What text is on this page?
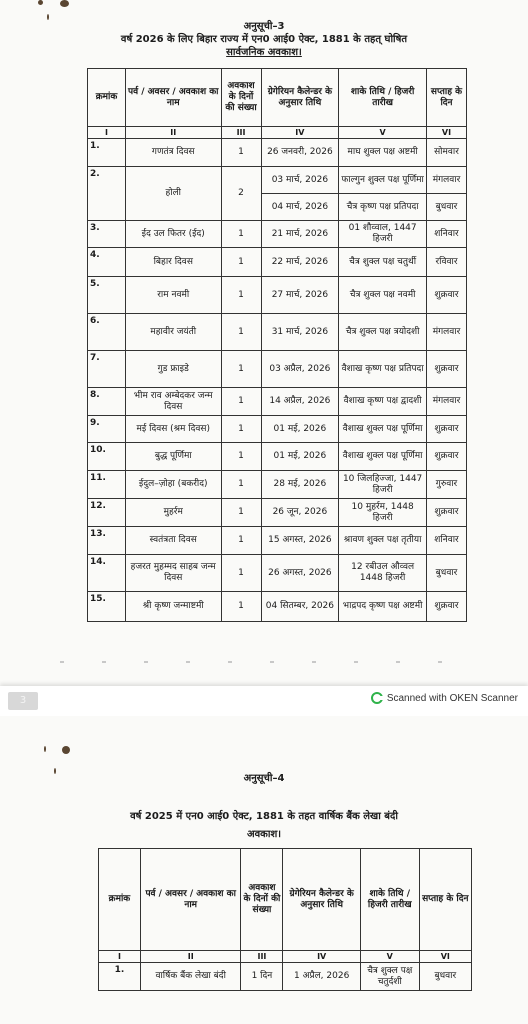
अनुसूची–3
वर्ष 2026 के लिए बिहार राज्य में एन0 आई0 ऐक्ट, 1881 के तहत् घोषित
सार्वजनिक अवकाश।
क्रमांक	पर्व / अवसर / अवकाश का नाम	अवकाश के दिनों की संख्या	ग्रेगेरियन कैलेन्डर के अनुसार तिथि	शाके तिथि / हिजरी तारीख	सप्ताह के दिन
I	II	III	IV	V	VI
1.	गणतंत्र दिवस	1	26 जनवरी, 2026	माघ शुक्ल पक्ष अष्टमी	सोमवार
2.	होली	2	03 मार्च, 2026	फाल्गुन शुक्ल पक्ष पूर्णिमा	मंगलवार
			04 मार्च, 2026	चैत्र कृष्ण पक्ष प्रतिपदा	बुधवार
3.	ईद उल फितर (ईद)	1	21 मार्च, 2026	01 शौव्वाल, 1447 हिजरी	शनिवार
4.	बिहार दिवस	1	22 मार्च, 2026	चैत्र शुक्ल पक्ष चतुर्थी	रविवार
5.	राम नवमी	1	27 मार्च, 2026	चैत्र शुक्ल पक्ष नवमी	शुक्रवार
6.	महावीर जयंती	1	31 मार्च, 2026	चैत्र शुक्ल पक्ष त्रयोदशी	मंगलवार
7.	गुड फ्राइडे	1	03 अप्रैल, 2026	वैशाख कृष्ण पक्ष प्रतिपदा	शुक्रवार
8.	भीम राव अम्बेदकर जन्म दिवस	1	14 अप्रैल, 2026	वैशाख कृष्ण पक्ष द्वादशी	मंगलवार
9.	मई दिवस (श्रम दिवस)	1	01 मई, 2026	वैशाख शुक्ल पक्ष पूर्णिमा	शुक्रवार
10.	बुद्ध पूर्णिमा	1	01 मई, 2026	वैशाख शुक्ल पक्ष पूर्णिमा	शुक्रवार
11.	ईदुल–ज़ोहा (बकरीद)	1	28 मई, 2026	10 जिलहिज्जा, 1447 हिजरी	गुरुवार
12.	मुहर्रम	1	26 जून, 2026	10 मुहर्रम, 1448 हिजरी	शुक्रवार
13.	स्वतंत्रता दिवस	1	15 अगस्त, 2026	श्रावण शुक्ल पक्ष तृतीया	शनिवार
14.	हजरत मुहम्मद साहब जन्म दिवस	1	26 अगस्त, 2026	12 रबीउल औव्वल 1448 हिजरी	बुधवार
15.	श्री कृष्ण जन्माष्टमी	1	04 सितम्बर, 2026	भाद्रपद कृष्ण पक्ष अष्टमी	शुक्रवार
3	Scanned with OKEN Scanner
अनुसूची–4
वर्ष 2025 में एन0 आई0 ऐक्ट, 1881 के तहत वार्षिक बैंक लेखा बंदी
अवकाश।
क्रमांक	पर्व / अवसर / अवकाश का नाम	अवकाश के दिनों की संख्या	ग्रेगेरियन कैलेन्डर के अनुसार तिथि	शाके तिथि / हिजरी तारीख	सप्ताह के दिन
I	II	III	IV	V	VI
1.	वार्षिक बैंक लेखा बंदी	1 दिन	1 अप्रैल, 2026	चैत्र शुक्ल पक्ष चतुर्दशी	बुधवार
